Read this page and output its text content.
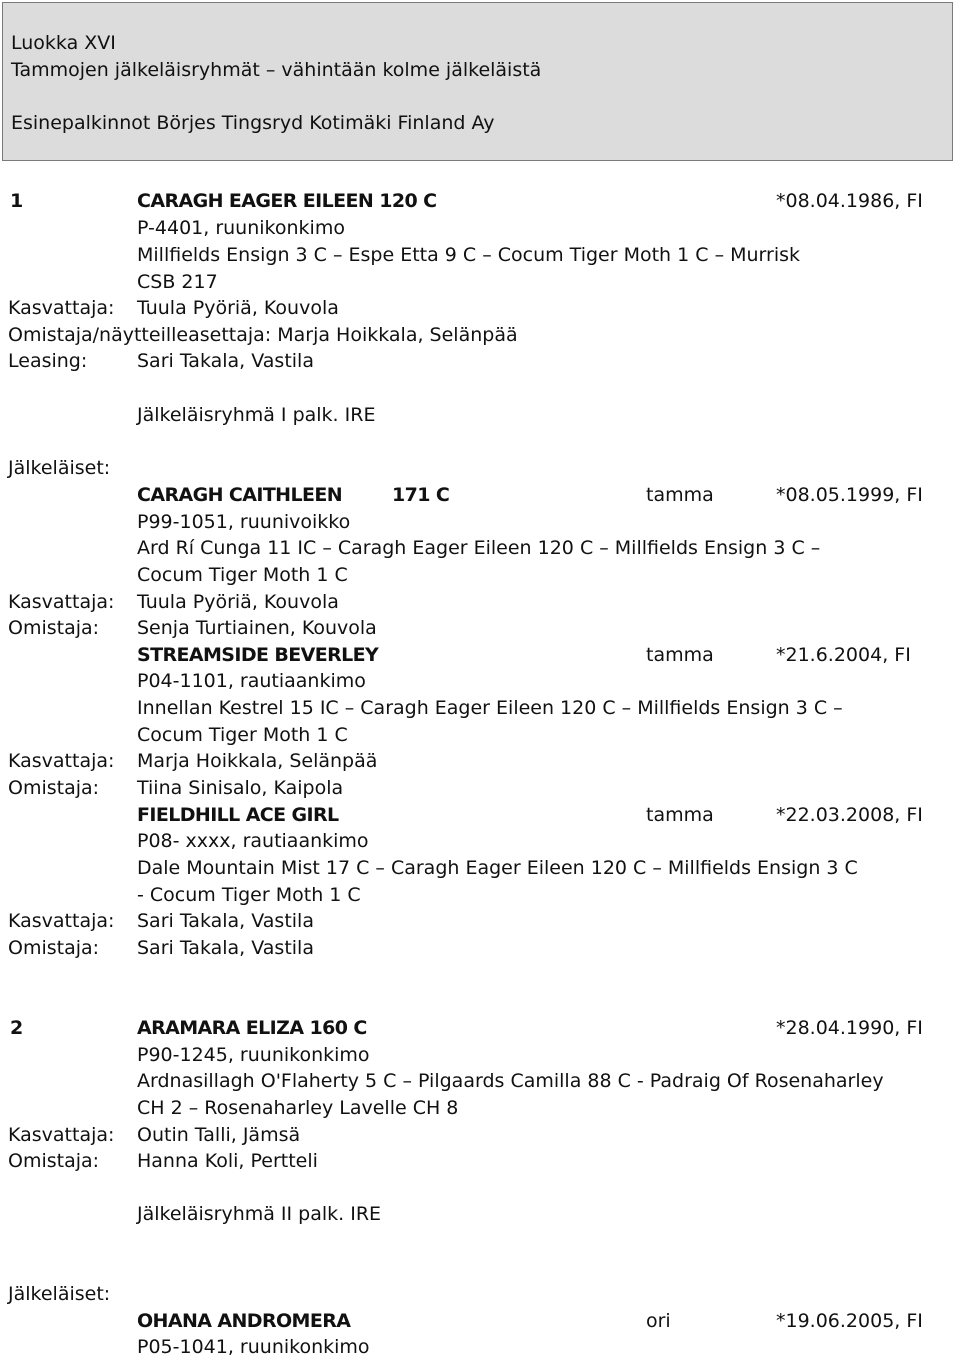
Luokka XVI
Tammojen jälkeläisryhmät – vähintään kolme jälkeläistä
Esinepalkinnot Börjes Tingsryd Kotimäki Finland Ay
1	CARAGH EAGER EILEEN 120 C	*08.04.1986, FI
P-4401, ruunikonkimo
Millfields Ensign 3 C – Espe Etta 9 C – Cocum Tiger Moth 1 C – Murrisk
CSB 217
Kasvattaja: Tuula Pyöriä, Kouvola
Omistaja/näytteilleasettaja: Marja Hoikkala, Selänpää
Leasing:	Sari Takala, Vastila
Jälkeläisryhmä I palk. IRE
Jälkeläiset:
CARAGH CAITHLEEN	171 C	tamma	*08.05.1999, FI
P99-1051, ruunivoikko
Ard Rí Cunga 11 IC – Caragh Eager Eileen 120 C – Millfields Ensign 3 C –
Cocum Tiger Moth 1 C
Kasvattaja: Tuula Pyöriä, Kouvola
Omistaja: Senja Turtiainen, Kouvola
STREAMSIDE BEVERLEY	tamma	*21.6.2004, FI
P04-1101, rautiaankimo
Innellan Kestrel 15 IC – Caragh Eager Eileen 120 C – Millfields Ensign 3 C –
Cocum Tiger Moth 1 C
Kasvattaja: Marja Hoikkala, Selänpää
Omistaja: Tiina Sinisalo, Kaipola
FIELDHILL ACE GIRL	tamma	*22.03.2008, FI
P08- xxxx, rautiaankimo
Dale Mountain Mist 17 C – Caragh Eager Eileen 120 C – Millfields Ensign 3 C
- Cocum Tiger Moth 1 C
Kasvattaja: Sari Takala, Vastila
Omistaja: Sari Takala, Vastila
2	ARAMARA ELIZA 160 C	*28.04.1990, FI
P90-1245, ruunikonkimo
Ardnasillagh O'Flaherty 5 C – Pilgaards Camilla 88 C - Padraig Of Rosenaharley
CH 2 – Rosenaharley Lavelle CH 8
Kasvattaja: Outin Talli, Jämsä
Omistaja: Hanna Koli, Pertteli
Jälkeläisryhmä II palk. IRE
Jälkeläiset:
OHANA ANDROMERA	ori	*19.06.2005, FI
P05-1041, ruunikonkimo
